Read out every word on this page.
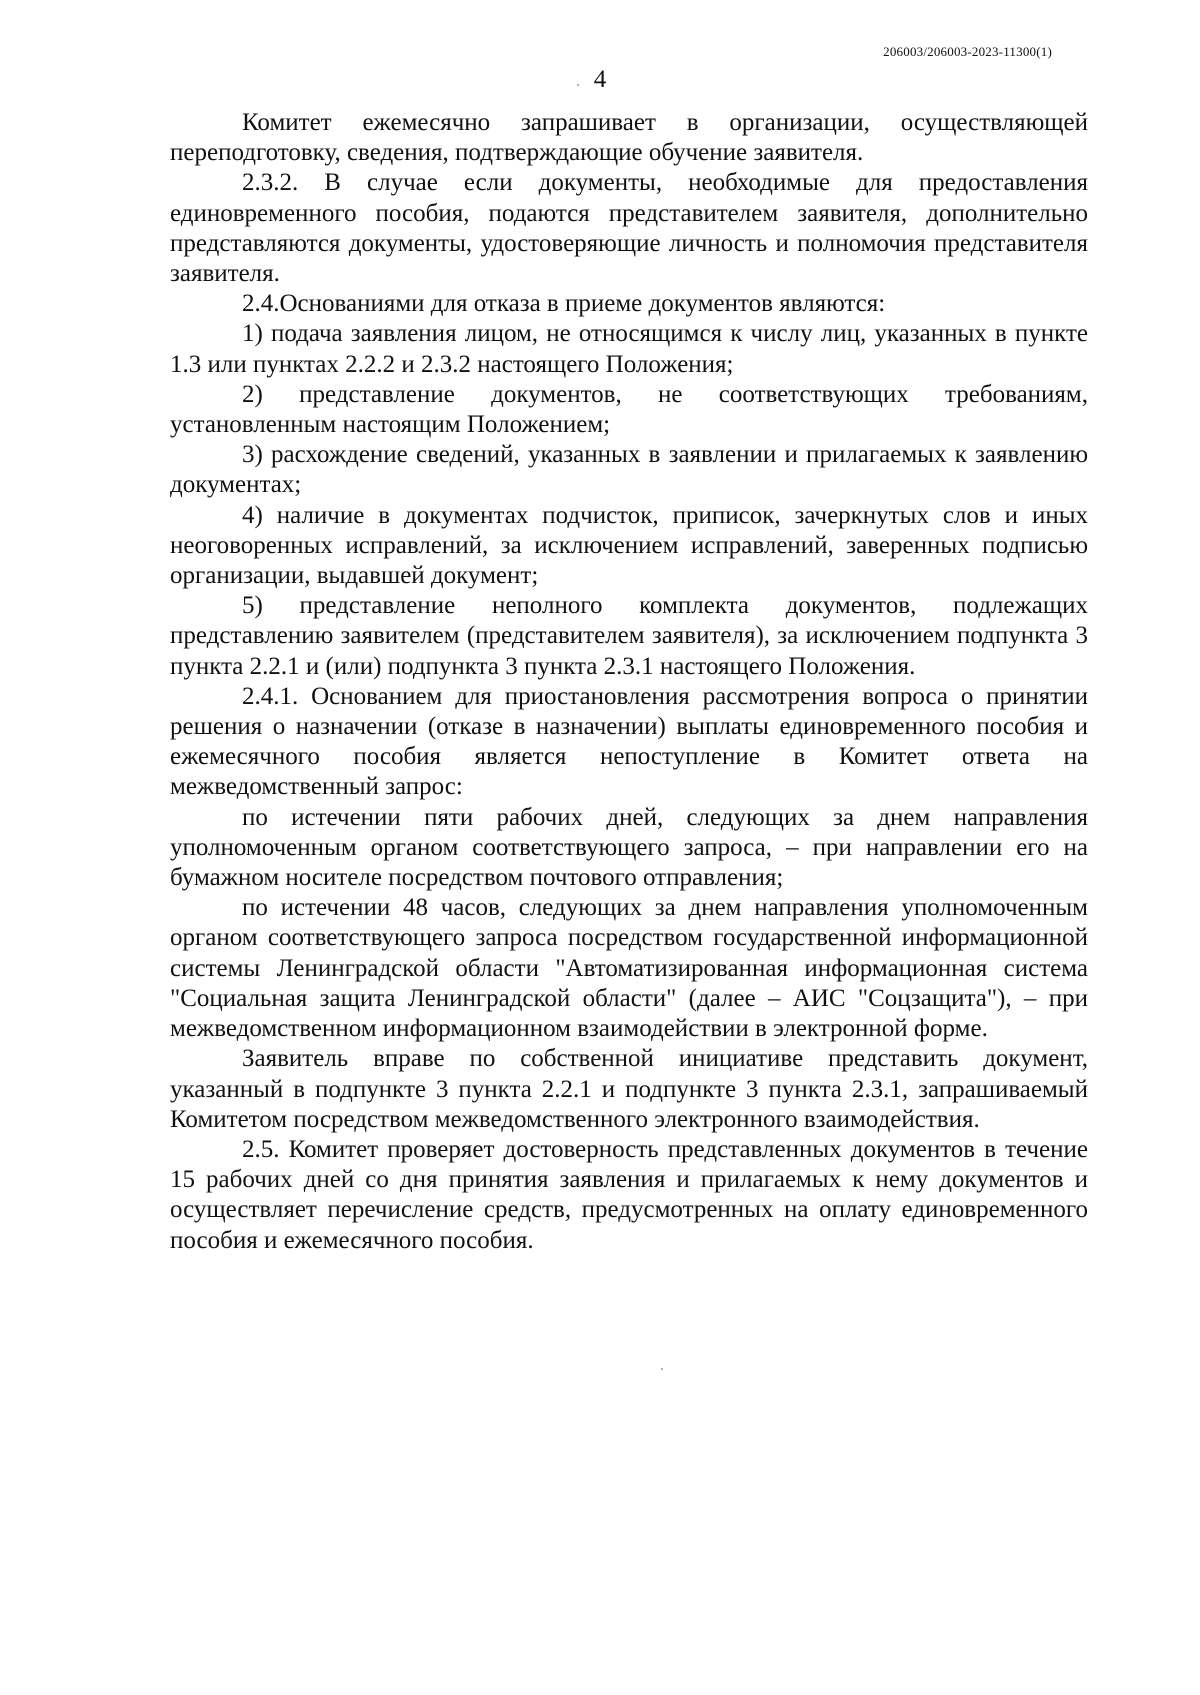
206003/206003-2023-11300(1)
4

Комитет ежемесячно запрашивает в организации, осуществляющей переподготовку, сведения, подтверждающие обучение заявителя.

2.3.2. В случае если документы, необходимые для предоставления единовременного пособия, подаются представителем заявителя, дополнительно представляются документы, удостоверяющие личность и полномочия представителя заявителя.

2.4.Основаниями для отказа в приеме документов являются:

1) подача заявления лицом, не относящимся к числу лиц, указанных в пункте 1.3 или пунктах 2.2.2 и 2.3.2 настоящего Положения;

2) представление документов, не соответствующих требованиям, установленным настоящим Положением;

3) расхождение сведений, указанных в заявлении и прилагаемых к заявлению документах;

4) наличие в документах подчисток, приписок, зачеркнутых слов и иных неоговоренных исправлений, за исключением исправлений, заверенных подписью организации, выдавшей документ;

5) представление неполного комплекта документов, подлежащих представлению заявителем (представителем заявителя), за исключением подпункта 3 пункта 2.2.1 и (или) подпункта 3 пункта 2.3.1 настоящего Положения.

2.4.1. Основанием для приостановления рассмотрения вопроса о принятии решения о назначении (отказе в назначении) выплаты единовременного пособия и ежемесячного пособия является непоступление в Комитет ответа на межведомственный запрос:

по истечении пяти рабочих дней, следующих за днем направления уполномоченным органом соответствующего запроса, – при направлении его на бумажном носителе посредством почтового отправления;

по истечении 48 часов, следующих за днем направления уполномоченным органом соответствующего запроса посредством государственной информационной системы Ленинградской области "Автоматизированная информационная система "Социальная защита Ленинградской области" (далее – АИС "Соцзащита"), – при межведомственном информационном взаимодействии в электронной форме.

Заявитель вправе по собственной инициативе представить документ, указанный в подпункте 3 пункта 2.2.1 и подпункте 3 пункта 2.3.1, запрашиваемый Комитетом посредством межведомственного электронного взаимодействия.

2.5. Комитет проверяет достоверность представленных документов в течение 15 рабочих дней со дня принятия заявления и прилагаемых к нему документов и осуществляет перечисление средств, предусмотренных на оплату единовременного пособия и ежемесячного пособия.
